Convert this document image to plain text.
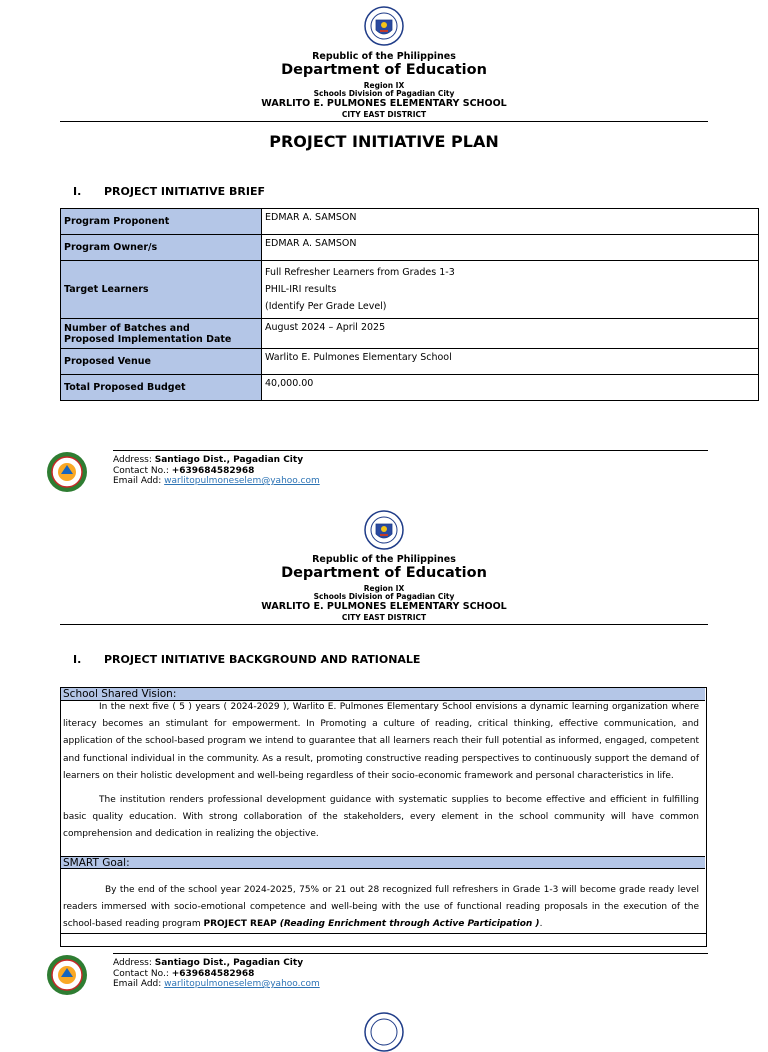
Republic of the Philippines
Department of Education
Region IX
Schools Division of Pagadian City
WARLITO E. PULMONES ELEMENTARY SCHOOL
CITY EAST DISTRICT
PROJECT INITIATIVE PLAN
I. PROJECT INITIATIVE BRIEF
Program Proponent	EDMAR A. SAMSON
Program Owner/s	EDMAR A. SAMSON
Target Learners	Full Refresher Learners from Grades 1-3
PHIL-IRI results
(Identify Per Grade Level)

Number of Batches and
Proposed Implementation Date	August 2024 – April 2025
Proposed Venue	Warlito E. Pulmones Elementary School
Total Proposed Budget	40,000.00
Address: Santiago Dist., Pagadian City
Contact No.: +639684582968
Email Add: warlitopulmoneselem@yahoo.com
Republic of the Philippines
Department of Education
Region IX
Schools Division of Pagadian City
WARLITO E. PULMONES ELEMENTARY SCHOOL
CITY EAST DISTRICT
I. PROJECT INITIATIVE BACKGROUND AND RATIONALE
School Shared Vision:

In the next five ( 5 ) years ( 2024-2029 ), Warlito E. Pulmones Elementary School envisions a dynamic learning organization where literacy becomes an stimulant for empowerment. In Promoting a culture of reading, critical thinking, effective communication, and application of the school-based program we intend to guarantee that all learners reach their full potential as informed, engaged, competent and functional individual in the community. As a result, promoting constructive reading perspectives to continuously support the demand of learners on their holistic development and well-being regardless of their socio-economic framework and personal characteristics in life.

The institution renders professional development guidance with systematic supplies to become effective and efficient in fulfilling basic quality education. With strong collaboration of the stakeholders, every element in the school community will have common comprehension and dedication in realizing the objective.

SMART Goal:

By the end of the school year 2024-2025, 75% or 21 out 28 recognized full refreshers in Grade 1-3 will become grade ready level readers immersed with socio-emotional competence and well-being with the use of functional reading proposals in the execution of the school-based reading program PROJECT REAP (Reading Enrichment through Active Participation ).

Address: Santiago Dist., Pagadian City
Contact No.: +639684582968
Email Add: warlitopulmoneselem@yahoo.com
